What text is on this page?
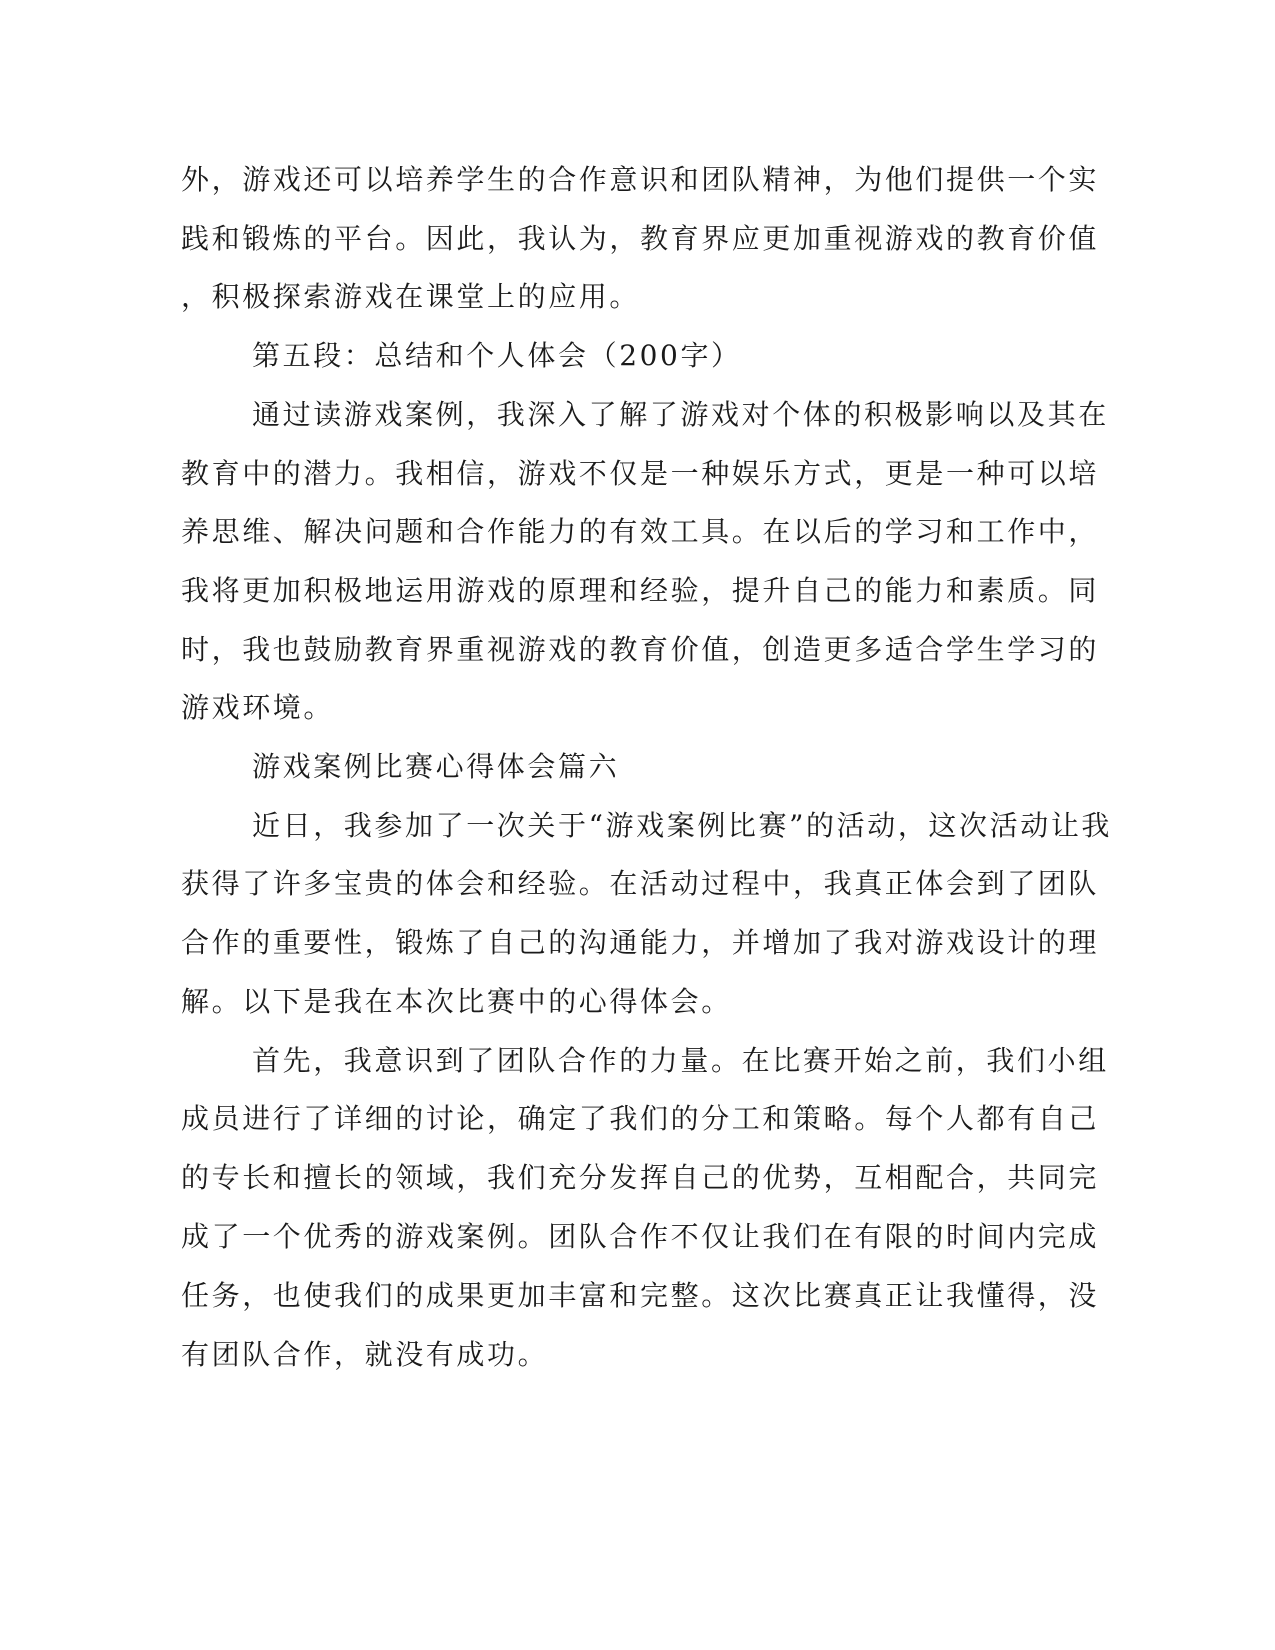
外，游戏还可以培养学生的合作意识和团队精神，为他们提供一个实
践和锻炼的平台。因此，我认为，教育界应更加重视游戏的教育价值
，积极探索游戏在课堂上的应用。
第五段：总结和个人体会（200字）
通过读游戏案例，我深入了解了游戏对个体的积极影响以及其在
教育中的潜力。我相信，游戏不仅是一种娱乐方式，更是一种可以培
养思维、解决问题和合作能力的有效工具。在以后的学习和工作中，
我将更加积极地运用游戏的原理和经验，提升自己的能力和素质。同
时，我也鼓励教育界重视游戏的教育价值，创造更多适合学生学习的
游戏环境。
游戏案例比赛心得体会篇六
近日，我参加了一次关于“游戏案例比赛”的活动，这次活动让我
获得了许多宝贵的体会和经验。在活动过程中，我真正体会到了团队
合作的重要性，锻炼了自己的沟通能力，并增加了我对游戏设计的理
解。以下是我在本次比赛中的心得体会。
首先，我意识到了团队合作的力量。在比赛开始之前，我们小组
成员进行了详细的讨论，确定了我们的分工和策略。每个人都有自己
的专长和擅长的领域，我们充分发挥自己的优势，互相配合，共同完
成了一个优秀的游戏案例。团队合作不仅让我们在有限的时间内完成
任务，也使我们的成果更加丰富和完整。这次比赛真正让我懂得，没
有团队合作，就没有成功。
